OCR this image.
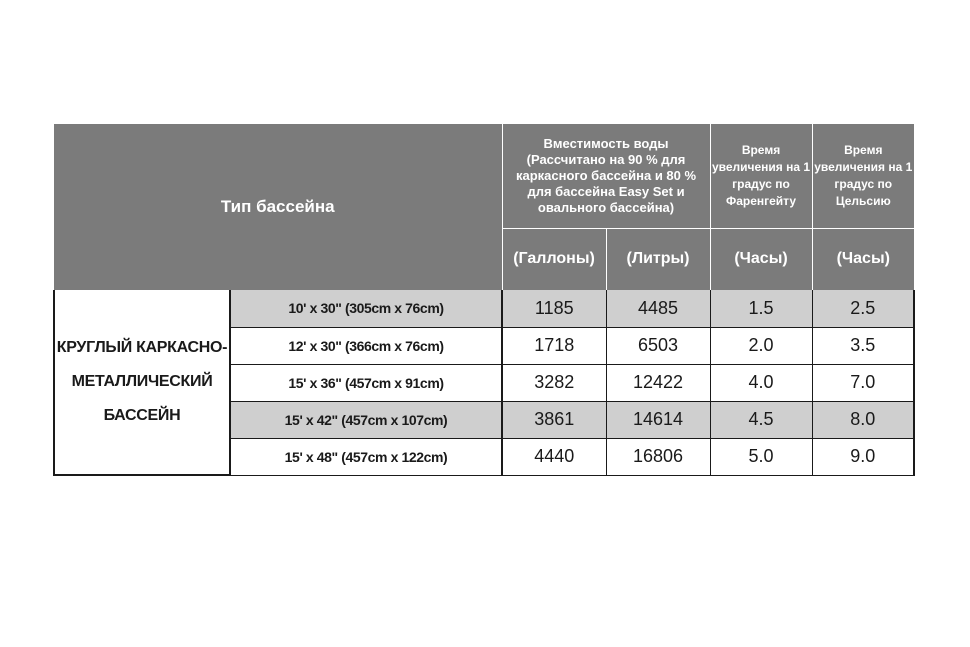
Тип бассейна		Вместимость воды (Рассчитано на 90 % для каркасного бассейна и 80 % для бассейна Easy Set и овального бассейна)		Время увеличения на 1 градус по Фаренгейту	Время увеличения на 1 градус по Цельсию
		(Галлоны)	(Литры)	(Часы)	(Часы)
КРУГЛЫЙ КАРКАСНО-МЕТАЛЛИЧЕСКИЙ БАССЕЙН	10' x 30" (305cm x 76cm)	1185	4485	1.5	2.5
	12' x 30" (366cm x 76cm)	1718	6503	2.0	3.5
	15' x 36" (457cm x 91cm)	3282	12422	4.0	7.0
	15' x 42" (457cm x 107cm)	3861	14614	4.5	8.0
	15' x 48" (457cm x 122cm)	4440	16806	5.0	9.0
